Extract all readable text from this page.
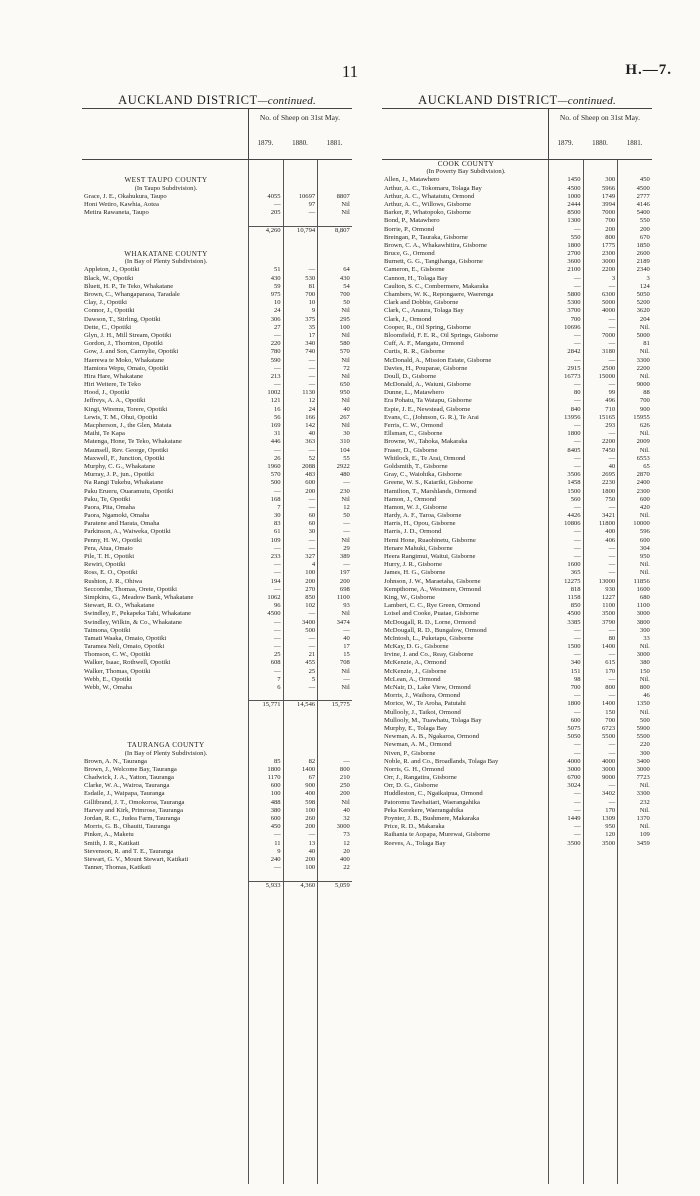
11	H.—7.
AUCKLAND DISTRICT—continued.
No. of Sheep on 31st May.
1879.	1880.	1881.
WEST TAUPO COUNTY
(In Taupo Subdivision).
Grace, J. E., Okahukura, Taupo	4055	10697	8807
Honi Wetiro, Kawhia, Aotea	—	97	Nil
Metira Rawaneta, Taupo	205	—	Nil
4,260	10,794	8,807
WHAKATANE COUNTY
(In Bay of Plenty Subdivision).
Appleton, J., Opotiki	51	—	64
Black, W., Opotiki	430	530	430
Bluett, H. P., Te Teko, Whakatane	59	81	54
Brown, C., Whangaparaoa, Taradale	975	700	700
Clay, J., Opotiki	10	10	50
Connor, J., Opotiki	24	9	Nil
Dawson, T., Stirling, Opotiki	306	375	295
Dette, C., Opotiki	27	35	100
Glyn, J. H., Mill Stream, Opotiki	—	17	Nil
Gordon, J., Thornton, Opotiki	220	340	580
Gow, J. and Son, Carmylie, Opotiki	780	740	570
Haerewa te Moko, Whakatane	590	—	Nil
Hamiora Wepu, Omaio, Opotiki	—	—	72
Hira Hare, Whakatane	213	—	Nil
Hiri Weitere, Te Teko	—	—	650
Hood, J., Opotiki	1002	1130	950
Jeffreys, A. A., Opotiki	121	12	Nil
Kingi, Wiremu, Torere, Opotiki	16	24	40
Lewis, T. M., Ohui, Opotiki	56	166	267
Macpherson, J., the Glen, Matata	169	142	Nil
Maihi, Te Kapa	31	40	30
Matenga, Hone, Te Teko, Whakatane	446	363	310
Maunsell, Rev. George, Opotiki	—	—	104
Maxwell, F., Junction, Opotiki	26	52	55
Murphy, C. G., Whakatane	1960	2088	2922
Murray, J. P., jun., Opotiki	570	483	480
Na Rangi Tukehu, Whakatane	500	600	—
Paku Erueru, Ouaramutu, Opotiki	—	200	230
Paku, Te, Opotiki	168	—	Nil
Paora, Pita, Omaha	7	—	12
Paora, Ngamoki, Omaha	30	60	50
Paratene and Harata, Omaha	83	60	—
Parkinson, A., Waiweka, Opotiki	61	30	—
Penny, H. W., Opotiki	109	—	Nil
Pera, Atua, Omaio	—	—	29
Pile, T. H., Opotiki	233	327	389
Rewiri, Opotiki	—	4	—
Ross, E. O., Opotiki	—	100	197
Rushton, J. R., Ohiwa	194	200	200
Seccombe, Thomas, Orete, Opotiki	—	270	698
Simpkins, G., Meadow Bank, Whakatane	1062	850	1100
Stewart, R. O., Whakatane	96	102	93
Swindley, F., Pekapeka Tahi, Whakatane	4500	—	Nil
Swindley, Wilkin, & Co., Whakatane	—	3400	3474
Taimona, Opotiki	—	500	—
Tamati Waaka, Omaio, Opotiki	—	—	40
Taramea Neli, Omaio, Opotiki	—	—	17
Thomson, C. W., Opotiki	25	21	15
Walker, Isaac, Rothwell, Opotiki	608	455	708
Walker, Thomas, Opotiki	—	25	Nil
Webb, E., Opotiki	7	5	—
Webb, W., Omaha	6	—	Nil
15,771	14,546	15,775
TAURANGA COUNTY
(In Bay of Plenty Subdivision).
Brown, A. N., Tauranga	85	82	—
Brown, J., Welcome Bay, Tauranga	1800	1400	800
Chadwick, J. A., Yatton, Tauranga	1170	67	210
Clarke, W. A., Wairoa, Tauranga	600	900	250
Esdaile, J., Waipapa, Tauranga	100	400	200
Gillibrand, J. T., Omokoroa, Tauranga	488	598	Nil
Harvey and Kirk, Primrose, Tauranga	380	100	40
Jordan, R. C., Judea Farm, Tauranga	600	260	32
Morris, G. B., Ohauiti, Tauranga	450	200	3000
Pinker, A., Maketu	—	—	73
Smith, J. R., Katikati	11	13	12
Stevenson, R. and T. E., Tauranga	9	40	20
Stewart, G. V., Mount Stewart, Katikati	240	200	400
Tanner, Thomas, Katikati	—	100	22
5,933	4,360	5,059
AUCKLAND DISTRICT—continued.
No. of Sheep on 31st May.
1879.	1880.	1881.
COOK COUNTY
(In Poverty Bay Subdivision).
Allen, J., Matawhero	1450	300	450
Arthur, A. C., Tokomaru, Tolaga Bay	4500	5966	4500
Arthur, A. C., Whatatutu, Ormond	1000	1749	2777
Arthur, A. C., Willows, Gisborne	2444	3994	4146
Barker, P., Whatopoko, Gisborne	8500	7000	5400
Bond, P., Matawhero	1300	700	550
Borrie, P., Ormond	—	200	200
Breingan, P., Tauraka, Gisborne	550	800	670
Brown, C. A., Whakawhitira, Gisborne	1800	1775	1850
Bruce, G., Ormond	2700	2300	2600
Burnett, G. G., Tangihanga, Gisborne	3600	3000	2189
Cameron, E., Gisborne	2100	2200	2340
Cannon, H., Tolaga Bay	—	3	3
Caulton, S. C., Combermere, Makaraka	—	—	124
Chambers, W. K., Repongaere, Waerenga	5800	6300	5050
Clark and Dobbie, Gisborne	5300	5000	5200
Clark, C., Anaura, Tolaga Bay	3700	4000	3620
Clark, J., Ormond	700	—	204
Cooper, R., Oil Spring, Gisborne	10696	—	Nil.
Bloomfield, F. E. R., Oil Springs, Gisborne	—	7000	5000
Cuff, A. F., Mangatu, Ormond	—	—	81
Curtis, R. R., Gisborne	2842	3180	Nil.
McDonald, A., Mission Estate, Gisborne	—	—	3300
Davies, H., Pouparae, Gisborne	2915	2500	2200
Doull, D., Gisborne	16773	15000	Nil.
McDonald, A., Waiuni, Gisborne	—	—	9000
Dunne, L., Matawhero	80	99	88
Era Pohatu, Ta Watapu, Gisborne	—	496	700
Espie, J. E., Newstead, Gisborne	840	710	900
Evans, C., (Johnson, G. R.), Te Arai	13956	15165	15955
Ferris, C. W., Ormond	—	293	626
Ellsman, C., Gisborne	1800	—	Nil.
Browne, W., Tahoka, Makaraka	—	2200	2009
Fraser, D., Gisborne	8405	7450	Nil.
Whitlock, E., Te Arai, Ormond	—	—	6553
Goldsmith, T., Gisborne	—	40	65
Gray, C., Waiohika, Gisborne	3506	2695	2870
Greene, W. S., Kaiariki, Gisborne	1458	2230	2400
Hamilton, T., Marshlands, Ormond	1500	1800	2300
Hamon, J., Ormond	560	750	600
Hamon, W. J., Gisborne	—	—	420
Hardy, A. F., Taroa, Gisborne	4426	3421	Nil.
Harris, H., Opou, Gisborne	10806	11800	10000
Harris, J. D., Ormond	—	400	596
Hemi Hone, Ruaohinetu, Gisborne	—	406	600
Henare Mahuki, Gisborne	—	—	304
Heera Rangimui, Waitui, Gisborne	—	—	950
Hurry, J. R., Gisborne	1600	—	Nil.
James, H. G., Gisborne	365	—	Nil.
Johnson, J. W., Maraetaha, Gisborne	12275	13000	11856
Kempthorne, A., Westmere, Ormond	818	930	1600
King, W., Gisborne	1158	1227	680
Lambert, C. C., Rye Green, Ormond	850	1100	1100
Loisel and Cooke, Puatae, Gisborne	4500	3500	3000
McDougall, R. D., Lorne, Ormond	3385	3790	3800
McDougall, R. D., Bungalow, Ormond	—	—	300
McIntosh, L., Puketapu, Gisborne	—	80	33
McKay, D. G., Gisborne	1500	1400	Nil.
Irvine, J. and Co., Reay, Gisborne	—	—	3000
McKenzie, A., Ormond	340	615	380
McKenzie, J., Gisborne	151	170	150
McLean, A., Ormond	98	—	Nil.
McNair, D., Lake View, Ormond	700	800	800
Morris, J., Waihora, Ormond	—	—	46
Morice, W., Te Aroha, Patutahi	1800	1400	1350
Mullooly, J., Taikoi, Ormond	—	150	Nil.
Mullooly, M., Tuawhatu, Tolaga Bay	600	700	500
Murphy, E., Tolaga Bay	5075	6723	5900
Newman, A. B., Ngakaroa, Ormond	5050	5500	5500
Newman, A. M., Ormond	—	—	220
Niven, P., Gisborne	—	—	300
Noble, R. and Co., Broadlands, Tolaga Bay	4000	4000	3400
Norris, G. H., Ormond	3000	3000	3000
Orr, J., Rangatira, Gisborne	6700	9000	7723
Orr, D. G., Gisborne	3024	—	Nil.
Huddleston, C., Ngaikaipua, Ormond	—	3402	3300
Patoromu Tawhaitari, Waerangahika	—	—	232
Peka Kerekere, Waerangahika	—	170	Nil.
Poynter, J. B., Bushmere, Makaraka	1449	1309	1370
Price, R. D., Makaraka	—	950	Nil.
Raihania te Aopapa, Murewai, Gisborne	—	120	109
Reeves, A., Tolaga Bay	3500	3500	3459
